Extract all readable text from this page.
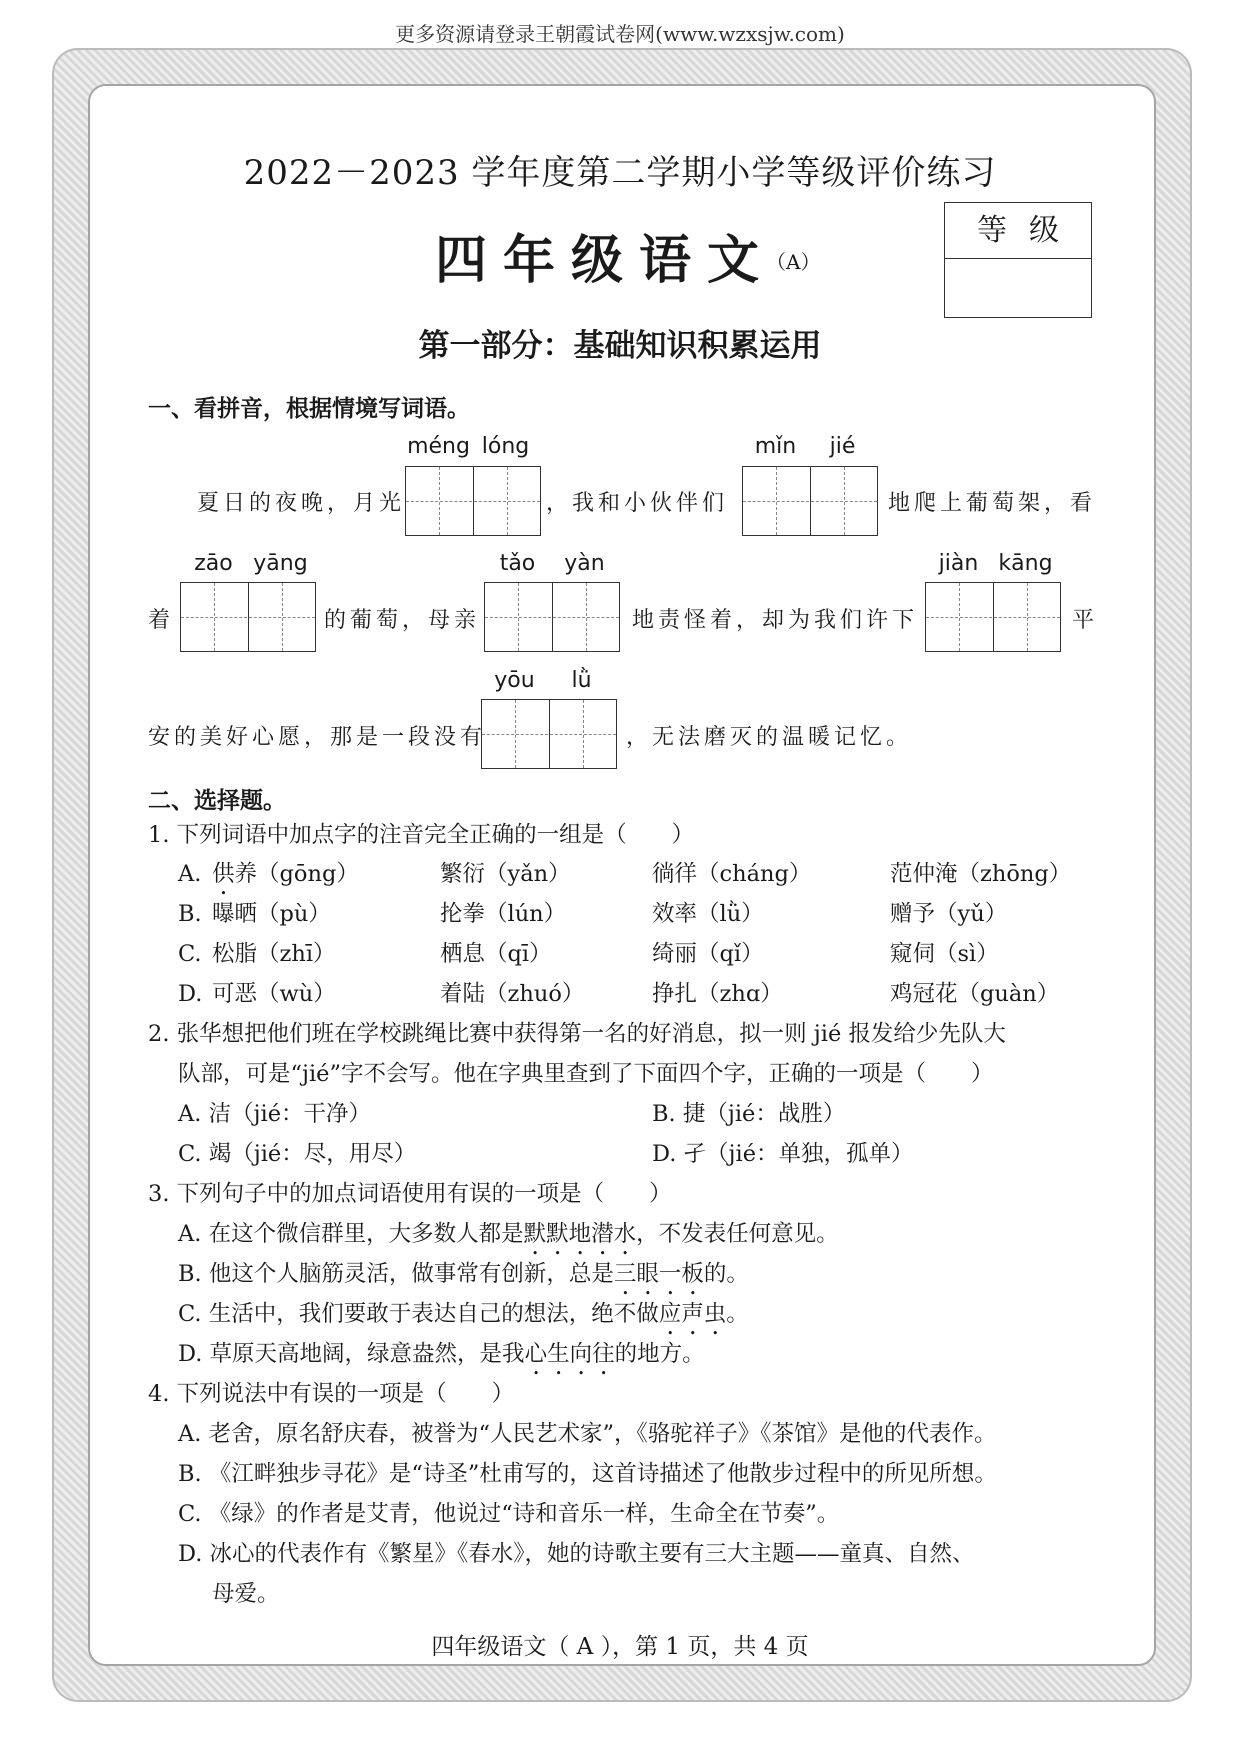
更多资源请登录王朝霞试卷网(www.wzxsjw.com)
2022－2023 学年度第二学期小学等级评价练习
四年级语文
（A）
等级
第一部分：基础知识积累运用
一、看拼音，根据情境写词语。
méng lóng	mǐn	jié
夏日的夜晚，月光	，我和小伙伴们	地爬上葡萄架，看
zāo yāng	tǎo	yàn	jiàn kāng
着	的葡萄，母亲	地责怪着，却为我们许下	平
yōu	lǜ
安的美好心愿，那是一段没有	，无法磨灭的温暖记忆。
二、选择题。
1. 下列词语中加点字的注音完全正确的一组是（　　）
A. 供养（gōng）	繁衍（yǎn）	徜徉（cháng）	范仲淹（zhōng）
B. 曝晒（pù）	抡拳（lún）	效率（lǜ）	赠予（yǔ）
C. 松脂（zhī）	栖息（qī）	绮丽（qǐ）	窥伺（sì）
D. 可恶（wù）	着陆（zhuó）	挣扎（zhɑ）	鸡冠花（guàn）
2. 张华想把他们班在学校跳绳比赛中获得第一名的好消息，拟一则 jié 报发给少先队大
队部，可是“jié”字不会写。他在字典里查到了下面四个字，正确的一项是（　　）
A. 洁（jié：干净）	B. 捷（jié：战胜）
C. 竭（jié：尽，用尽）	D. 孑（jié：单独，孤单）
3. 下列句子中的加点词语使用有误的一项是（　　）
A. 在这个微信群里，大多数人都是默默地潜水，不发表任何意见。
B. 他这个人脑筋灵活，做事常有创新，总是三眼一板的。
C. 生活中，我们要敢于表达自己的想法，绝不做应声虫。
D. 草原天高地阔，绿意盎然，是我心生向往的地方。
4. 下列说法中有误的一项是（　　）
A. 老舍，原名舒庆春，被誉为“人民艺术家”，《骆驼祥子》《茶馆》是他的代表作。
B. 《江畔独步寻花》是“诗圣”杜甫写的，这首诗描述了他散步过程中的所见所想。
C. 《绿》的作者是艾青，他说过“诗和音乐一样，生命全在节奏”。
D. 冰心的代表作有《繁星》《春水》，她的诗歌主要有三大主题——童真、自然、
母爱。
四年级语文（ A ），第 1 页，共 4 页
